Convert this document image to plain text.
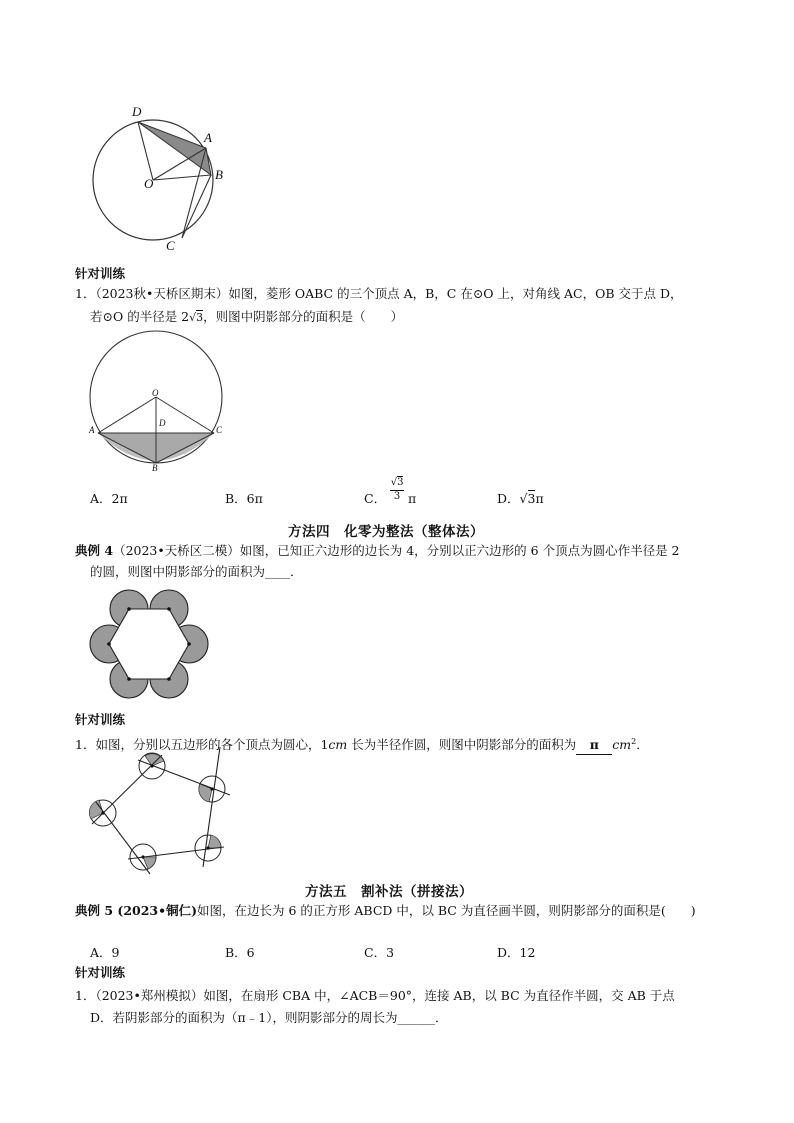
D
A
B
O
C
针对训练
1．（2023秋•天桥区期末）如图，菱形 OABC 的三个顶点 A，B，C 在⊙O 上，对角线 AC，OB 交于点 D，
若⊙O 的半径是 2√3，则图中阴影部分的面积是（　　）
O
D
A	C
B
A．2π	B．6π	C． √3

3 π	D．√3π
方法四　化零为整法（整体法）
典例 4（2023•天桥区二模）如图，已知正六边形的边长为 4，分别以正六边形的 6 个顶点为圆心作半径是 2
的圆，则图中阴影部分的面积为____．
针对训练
1．如图，分别以五边形的各个顶点为圆心，1cm 长为半径作圆，则图中阴影部分的面积为 π $cm^2$．
方法五　割补法（拼接法）
典例 5 (2023•铜仁)如图，在边长为 6 的正方形 ABCD 中，以 BC 为直径画半圆，则阴影部分的面积是(　　)
A．9	B．6	C．3	D．12
针对训练
1．（2023•郑州模拟）如图，在扇形 CBA 中，∠ACB＝90°，连接 AB，以 BC 为直径作半圆，交 AB 于点
D．若阴影部分的面积为（π﹣1），则阴影部分的周长为______．
